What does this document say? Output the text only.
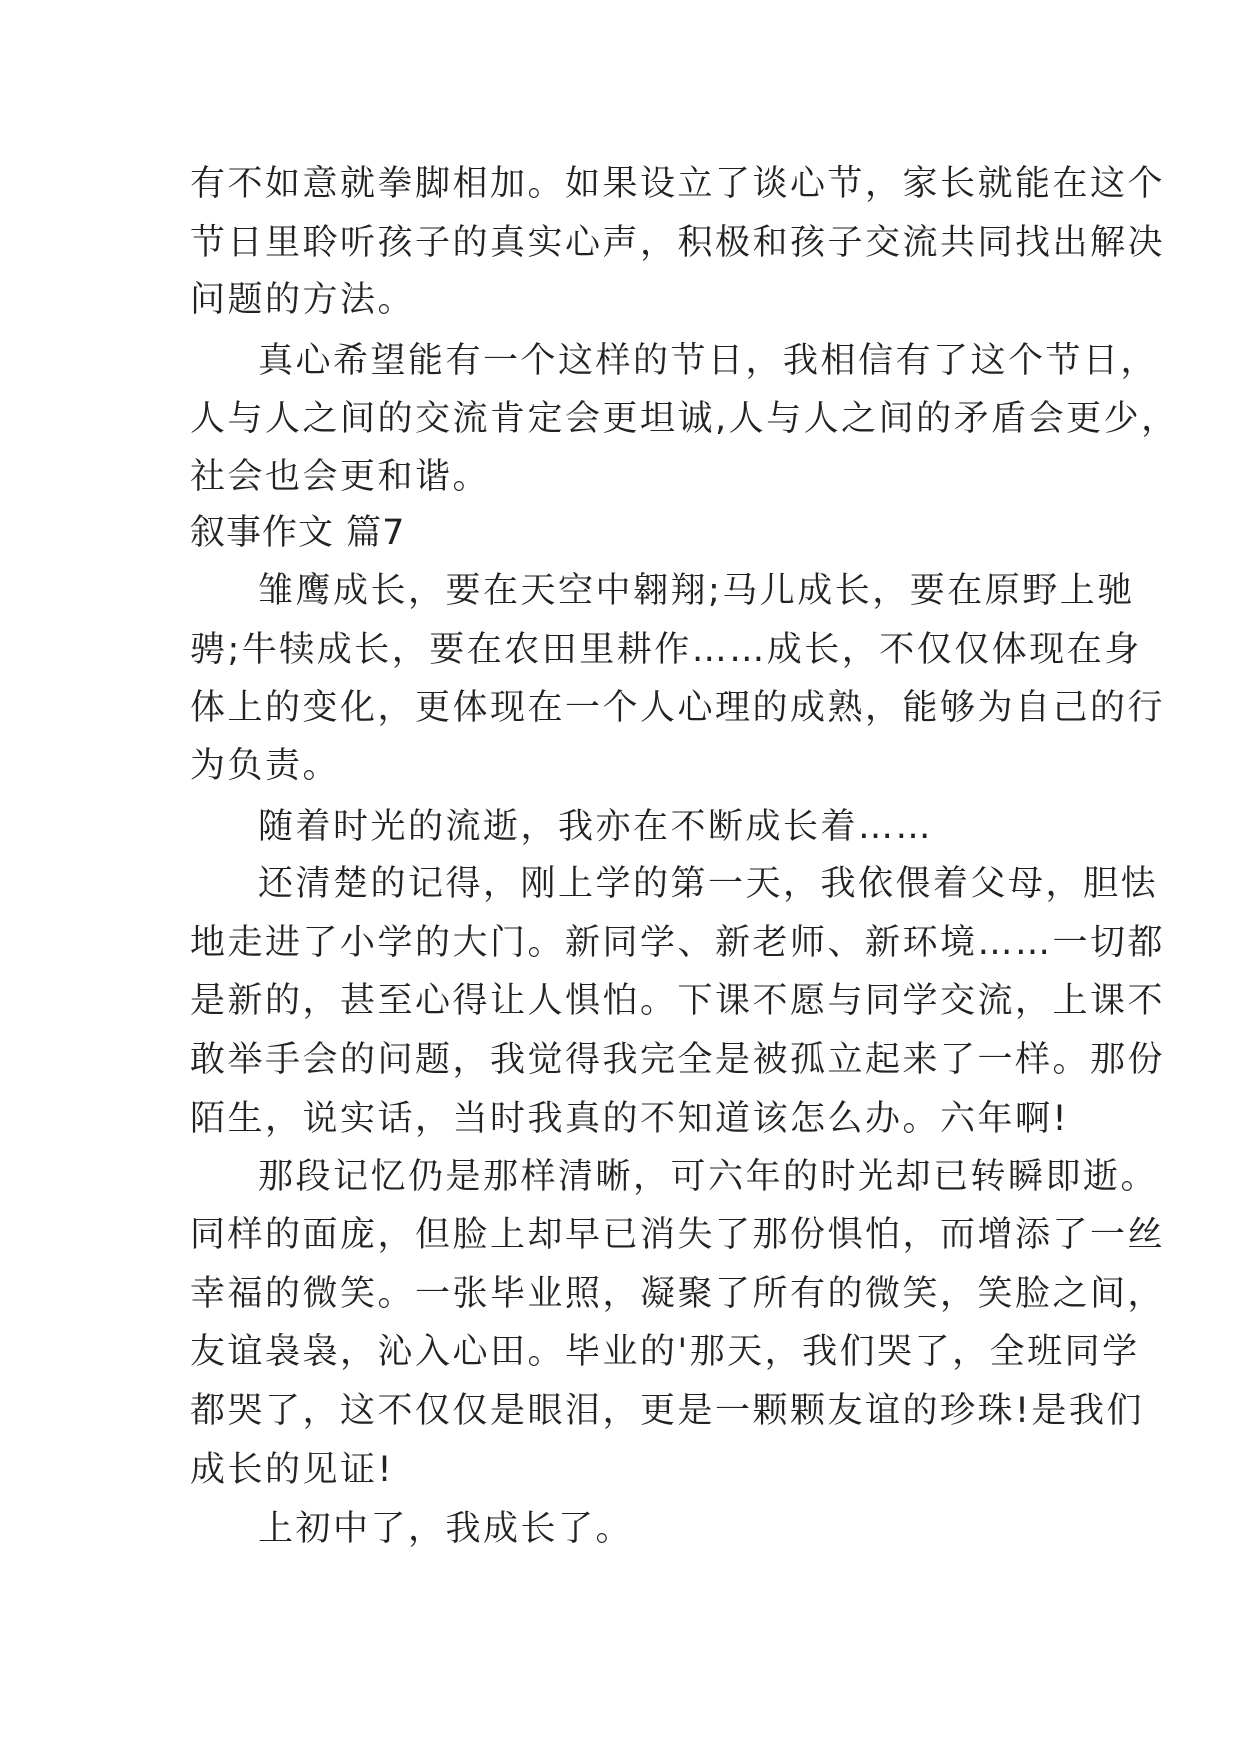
有不如意就拳脚相加。如果设立了谈心节，家长就能在这个

节日里聆听孩子的真实心声，积极和孩子交流共同找出解决

问题的方法。

真心希望能有一个这样的节日，我相信有了这个节日，

人与人之间的交流肯定会更坦诚,人与人之间的矛盾会更少，

社会也会更和谐。

叙事作文 篇7

雏鹰成长，要在天空中翱翔;马儿成长，要在原野上驰

骋;牛犊成长，要在农田里耕作……成长，不仅仅体现在身

体上的变化，更体现在一个人心理的成熟，能够为自己的行

为负责。

随着时光的流逝，我亦在不断成长着……

还清楚的记得，刚上学的第一天，我依偎着父母，胆怯

地走进了小学的大门。新同学、新老师、新环境……一切都

是新的，甚至心得让人惧怕。下课不愿与同学交流，上课不

敢举手会的问题，我觉得我完全是被孤立起来了一样。那份

陌生，说实话，当时我真的不知道该怎么办。六年啊!

那段记忆仍是那样清晰，可六年的时光却已转瞬即逝。

同样的面庞，但脸上却早已消失了那份惧怕，而增添了一丝

幸福的微笑。一张毕业照，凝聚了所有的微笑，笑脸之间，

友谊袅袅，沁入心田。毕业的'那天，我们哭了，全班同学

都哭了，这不仅仅是眼泪，更是一颗颗友谊的珍珠!是我们

成长的见证!

上初中了，我成长了。
